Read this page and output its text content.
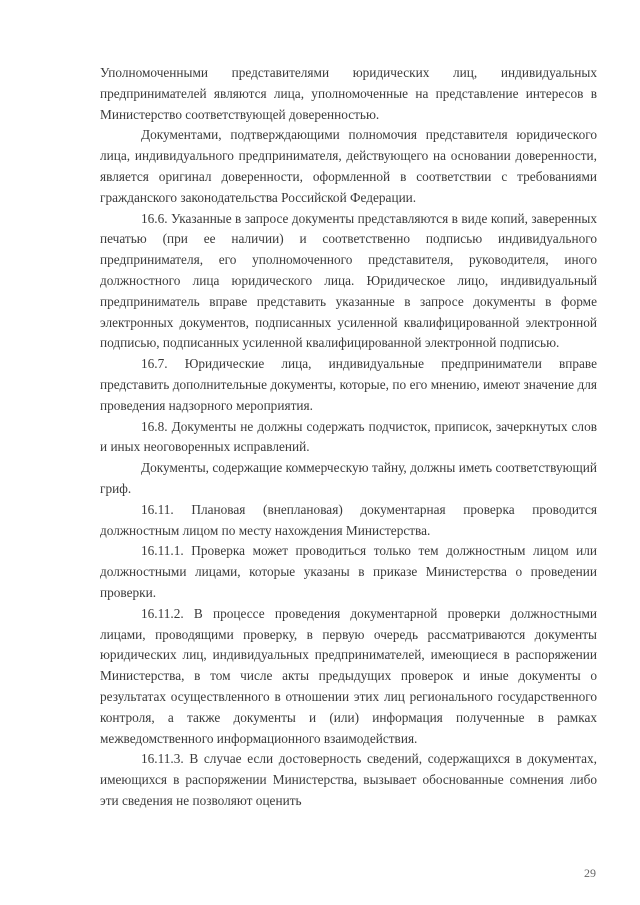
Уполномоченными представителями юридических лиц, индивидуальных предпринимателей являются лица, уполномоченные на представление интересов в Министерство соответствующей доверенностью.

Документами, подтверждающими полномочия представителя юридического лица, индивидуального предпринимателя, действующего на основании доверенности, является оригинал доверенности, оформленной в соответствии с требованиями гражданского законодательства Российской Федерации.

16.6. Указанные в запросе документы представляются в виде копий, заверенных печатью (при ее наличии) и соответственно подписью индивидуального предпринимателя, его уполномоченного представителя, руководителя, иного должностного лица юридического лица. Юридическое лицо, индивидуальный предприниматель вправе представить указанные в запросе документы в форме электронных документов, подписанных усиленной квалифицированной электронной подписью, подписанных усиленной квалифицированной электронной подписью.

16.7. Юридические лица, индивидуальные предприниматели вправе представить дополнительные документы, которые, по его мнению, имеют значение для проведения надзорного мероприятия.

16.8. Документы не должны содержать подчисток, приписок, зачеркнутых слов и иных неоговоренных исправлений.

Документы, содержащие коммерческую тайну, должны иметь соответствующий гриф.

16.11. Плановая (внеплановая) документарная проверка проводится должностным лицом по месту нахождения Министерства.

16.11.1. Проверка может проводиться только тем должностным лицом или должностными лицами, которые указаны в приказе Министерства о проведении проверки.

16.11.2. В процессе проведения документарной проверки должностными лицами, проводящими проверку, в первую очередь рассматриваются документы юридических лиц, индивидуальных предпринимателей, имеющиеся в распоряжении Министерства, в том числе акты предыдущих проверок и иные документы о результатах осуществленного в отношении этих лиц регионального государственного контроля, а также документы и (или) информация полученные в рамках межведомственного информационного взаимодействия.

16.11.3. В случае если достоверность сведений, содержащихся в документах, имеющихся в распоряжении Министерства, вызывает обоснованные сомнения либо эти сведения не позволяют оценить

29
